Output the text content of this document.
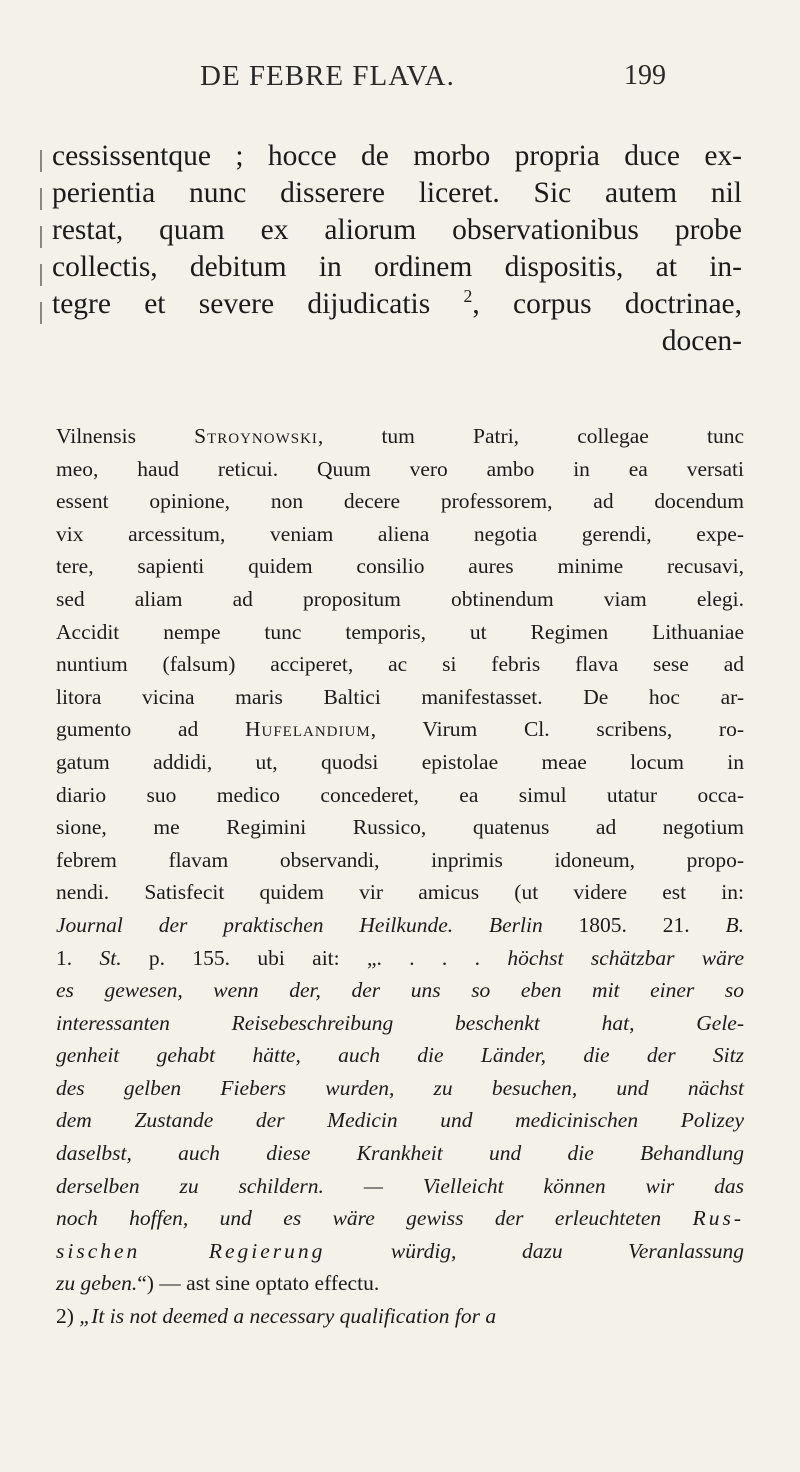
DE FEBRE FLAVA.	199
cessissentque ; hocce de morbo propria duce ex-
perientia nunc disserere liceret. Sic autem nil
restat, quam ex aliorum observationibus probe
collectis, debitum in ordinem dispositis, at in-
tegre et severe dijudicatis $^2$, corpus doctrinae,
docen-
Vilnensis Stroynowski, tum Patri, collegae tunc
meo, haud reticui. Quum vero ambo in ea versati
essent opinione, non decere professorem, ad docendum
vix arcessitum, veniam aliena negotia gerendi, expe-
tere, sapienti quidem consilio aures minime recusavi,
sed aliam ad propositum obtinendum viam elegi.
Accidit nempe tunc temporis, ut Regimen Lithuaniae
nuntium (falsum) acciperet, ac si febris flava sese ad
litora vicina maris Baltici manifestasset. De hoc ar-
gumento ad Hufelandium, Virum Cl. scribens, ro-
gatum addidi, ut, quodsi epistolae meae locum in
diario suo medico concederet, ea simul utatur occa-
sione, me Regimini Russico, quatenus ad negotium
febrem flavam observandi, inprimis idoneum, propo-
nendi. Satisfecit quidem vir amicus (ut videre est in:
Journal der praktischen Heilkunde. Berlin 1805. 21. B.
1. St. p. 155. ubi ait: „. . . . höchst schätzbar wäre
es gewesen, wenn der, der uns so eben mit einer so
interessanten Reisebeschreibung beschenkt hat, Gele-
genheit gehabt hätte, auch die Länder, die der Sitz
des gelben Fiebers wurden, zu besuchen, und nächst
dem Zustande der Medicin und medicinischen Polizey
daselbst, auch diese Krankheit und die Behandlung
derselben zu schildern. — Vielleicht können wir das
noch hoffen, und es wäre gewiss der erleuchteten Rus-
sischen Regierung würdig, dazu Veranlassung
zu geben.“) — ast sine optato effectu.
2) „It is not deemed a necessary qualification for a
